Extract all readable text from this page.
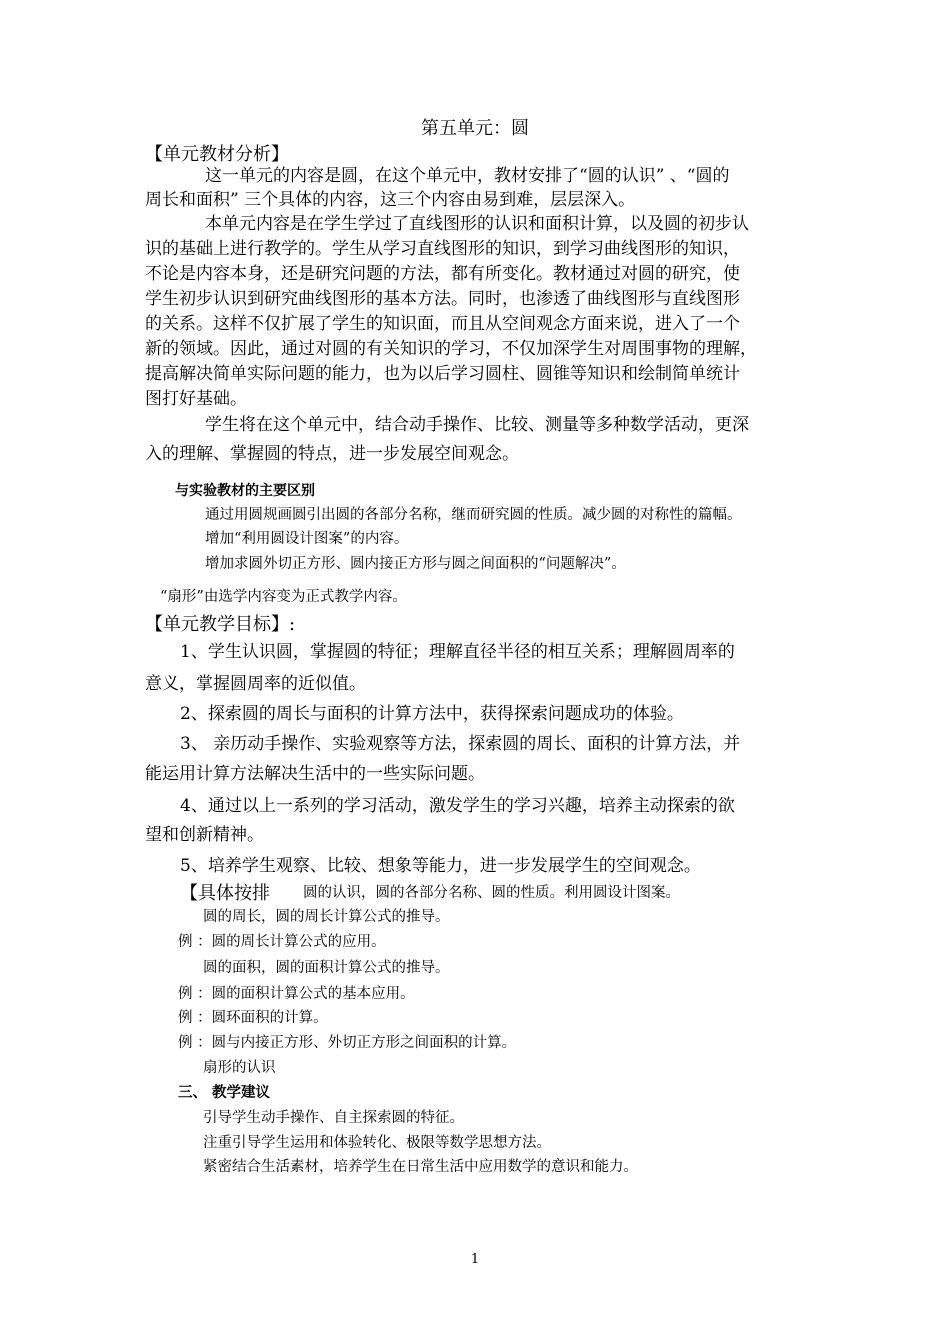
第五单元：圆
【单元教材分析】
这一单元的内容是圆，在这个单元中，教材安排了“圆的认识” 、“圆的
周长和面积” 三个具体的内容，这三个内容由易到难，层层深入。
本单元内容是在学生学过了直线图形的认识和面积计算，以及圆的初步认
识的基础上进行教学的。学生从学习直线图形的知识，到学习曲线图形的知识，
不论是内容本身，还是研究问题的方法，都有所变化。教材通过对圆的研究，使
学生初步认识到研究曲线图形的基本方法。同时，也渗透了曲线图形与直线图形
的关系。这样不仅扩展了学生的知识面，而且从空间观念方面来说，进入了一个
新的领域。因此，通过对圆的有关知识的学习，不仅加深学生对周围事物的理解，
提高解决简单实际问题的能力，也为以后学习圆柱、圆锥等知识和绘制简单统计
图打好基础。
学生将在这个单元中，结合动手操作、比较、测量等多种数学活动，更深
入的理解、掌握圆的特点，进一步发展空间观念。
与实验教材的主要区别
通过用圆规画圆引出圆的各部分名称，继而研究圆的性质。减少圆的对称性的篇幅。
增加“利用圆设计图案”的内容。
增加求圆外切正方形、圆内接正方形与圆之间面积的“问题解决”。
“扇形”由选学内容变为正式教学内容。
【单元教学目标】:
1、学生认识圆，掌握圆的特征；理解直径半径的相互关系；理解圆周率的
意义，掌握圆周率的近似值。
2、探索圆的周长与面积的计算方法中，获得探索问题成功的体验。
3、 亲历动手操作、实验观察等方法，探索圆的周长、面积的计算方法，并
能运用计算方法解决生活中的一些实际问题。
4、通过以上一系列的学习活动，激发学生的学习兴趣，培养主动探索的欲
望和创新精神。
5、培养学生观察、比较、想象等能力，进一步发展学生的空间观念。
【具体按排 圆的认识，圆的各部分名称、圆的性质。利用圆设计图案。
圆的周长，圆的周长计算公式的推导。
例 ：圆的周长计算公式的应用。
圆的面积，圆的面积计算公式的推导。
例 ：圆的面积计算公式的基本应用。
例 ：圆环面积的计算。
例 ：圆与内接正方形、外切正方形之间面积的计算。
扇形的认识
三、 教学建议
引导学生动手操作、自主探索圆的特征。
注重引导学生运用和体验转化、极限等数学思想方法。
紧密结合生活素材，培养学生在日常生活中应用数学的意识和能力。
1
